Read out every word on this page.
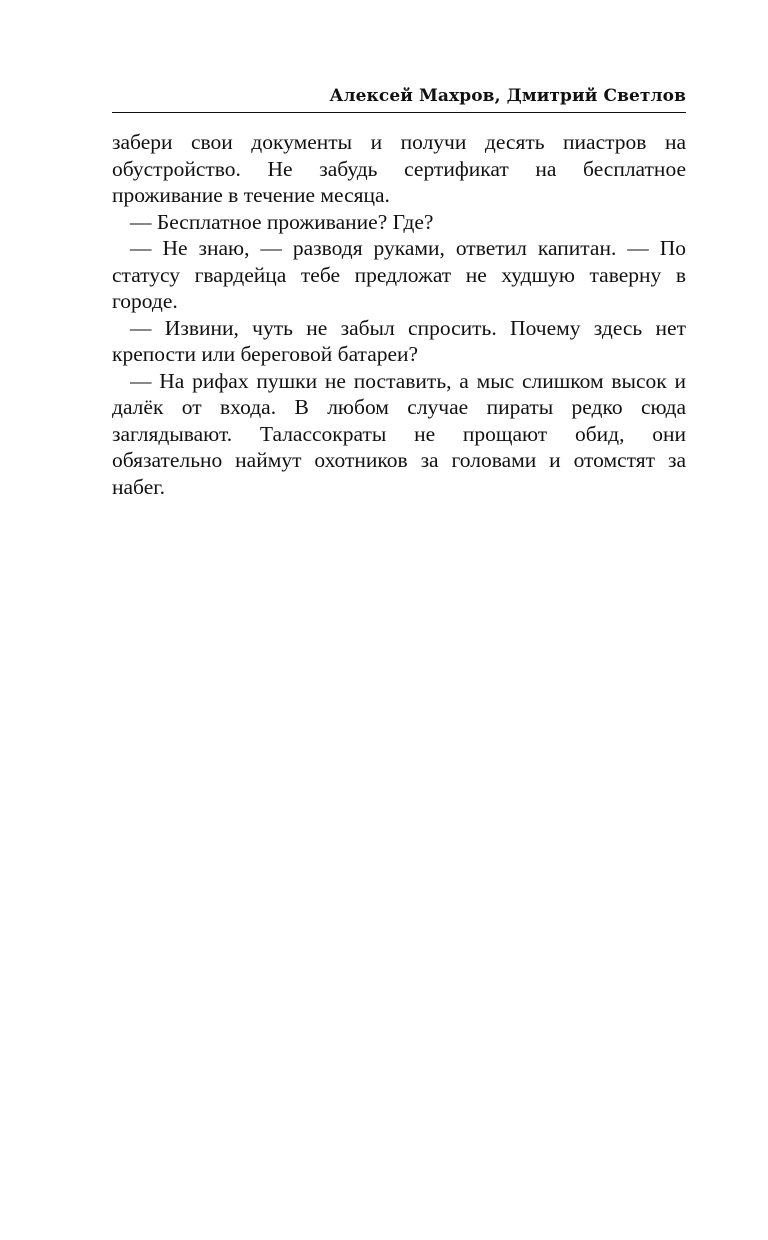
Алексей Махров, Дмитрий Светлов

забери свои документы и получи десять пиастров на обустройство. Не забудь сертификат на бесплатное проживание в течение месяца.

— Бесплатное проживание? Где?

— Не знаю, — разводя руками, ответил капитан. — По статусу гвардейца тебе предложат не худшую таверну в городе.

— Извини, чуть не забыл спросить. Почему здесь нет крепости или береговой батареи?

— На рифах пушки не поставить, а мыс слишком высок и далёк от входа. В любом случае пираты редко сюда заглядывают. Талассократы не прощают обид, они обязательно наймут охотников за головами и отомстят за набег.
